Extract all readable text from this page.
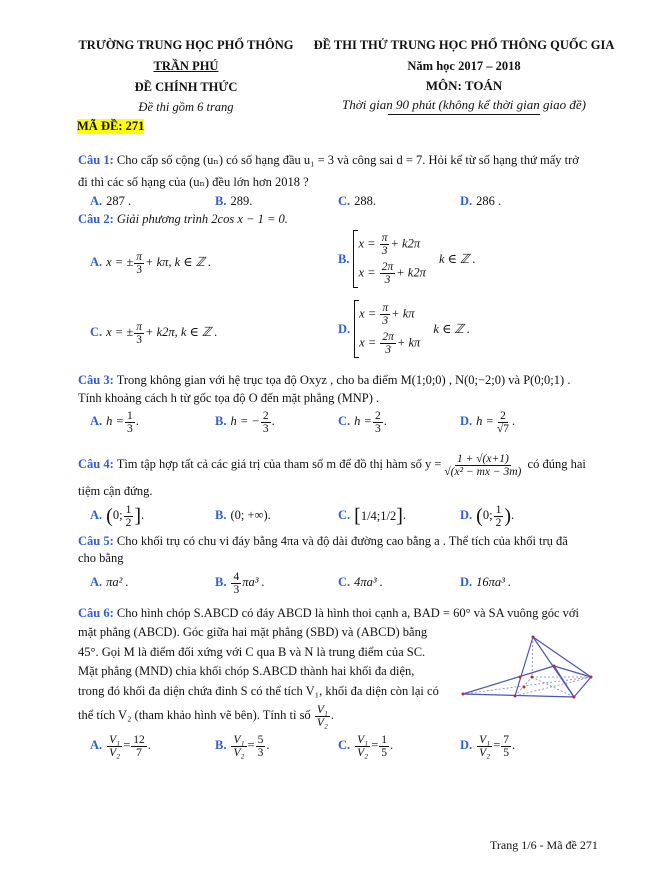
TRƯỜNG TRUNG HỌC PHỔ THÔNG
TRẦN PHÚ
ĐỀ CHÍNH THỨC
Đề thi gồm 6 trang
MÃ ĐỀ: 271
ĐỀ THI THỬ TRUNG HỌC PHỔ THÔNG QUỐC GIA
Năm học 2017 – 2018
MÔN: TOÁN
Thời gian 90 phút (không kể thời gian giao đề)
Câu 1: Cho cấp số cộng (uₙ) có số hạng đầu u₁ = 3 và công sai d = 7. Hỏi kể từ số hạng thứ mấy trở
đi thì các số hạng của (uₙ) đều lớn hơn 2018 ?
A. 287 .	B. 289.	C. 288.	D. 286 .
Câu 2: Giải phương trình 2cos x − 1 = 0.
A. x = ± $\frac{\pi}{3} + k\pi$, k ∈ ℤ .	B.
$x = \frac{\pi}{3} + k2\pi$
$x = \frac{2\pi}{3} + k2\pi$
k ∈ ℤ .
C. x = ± $\frac{\pi}{3} + k2\pi$, k ∈ ℤ .	D.
$x = \frac{\pi}{3} + k\pi$
$x = \frac{2\pi}{3} + k\pi$
k ∈ ℤ .
Câu 3: Trong không gian với hệ trục tọa độ Oxyz , cho ba điểm M(1;0;0) , N(0;−2;0) và P(0;0;1) .
Tính khoảng cách h từ gốc tọa độ O đến mặt phẳng (MNP) .
A. $h = \frac{1}{3}$ .	B. h = − $\frac{2}{3}$ .	C. $h = \frac{2}{3}$ .	D. $h = \frac{2}{√7}$ .
Câu 4: Tìm tập hợp tất cả các giá trị của tham số m để đồ thị hàm số $y = \frac{1 + √(x+1)}{\text{√(x² − mx − 3m)}}$ có đúng hai
tiệm cận đứng.
A. (0; $\frac{1}{2}$ ].	B. (0; +∞).	C. [1/4;1/2].	D. (0; $\frac{1}{2}$ ).
Câu 5: Cho khối trụ có chu vi đáy bằng 4πa và độ dài đường cao bằng a . Thể tích của khối trụ đã
cho bằng
A. πa² .	B. $\frac{4}{3} \pi a^3$ .	C. 4πa³ .	D. 16πa³ .
Câu 6: Cho hình chóp S.ABCD có đáy ABCD là hình thoi cạnh a, BAD = 60° và SA vuông góc với
mặt phẳng (ABCD). Góc giữa hai mặt phẳng (SBD) và (ABCD) bằng
45°. Gọi M là điểm đối xứng với C qua B và N là trung điểm của SC.
Mặt phẳng (MND) chia khối chóp S.ABCD thành hai khối đa diện,
trong đó khối đa diện chứa đỉnh S có thể tích V₁, khối đa diện còn lại có
thể tích V₂ (tham khảo hình vẽ bên). Tính tỉ số $\frac{\text{V₁}}{\text{V₂}}$ .
A. $\frac{\text{V₁}}{\text{V₂}} = \frac{12}{7}$ .	B. $\frac{\text{V₁}}{\text{V₂}} = \frac{5}{3}$ .	C. $\frac{\text{V₁}}{\text{V₂}} = \frac{1}{5}$ .	D. $\frac{\text{V₁}}{\text{V₂}} = \frac{7}{5}$ .
Trang 1/6 - Mã đề 271
